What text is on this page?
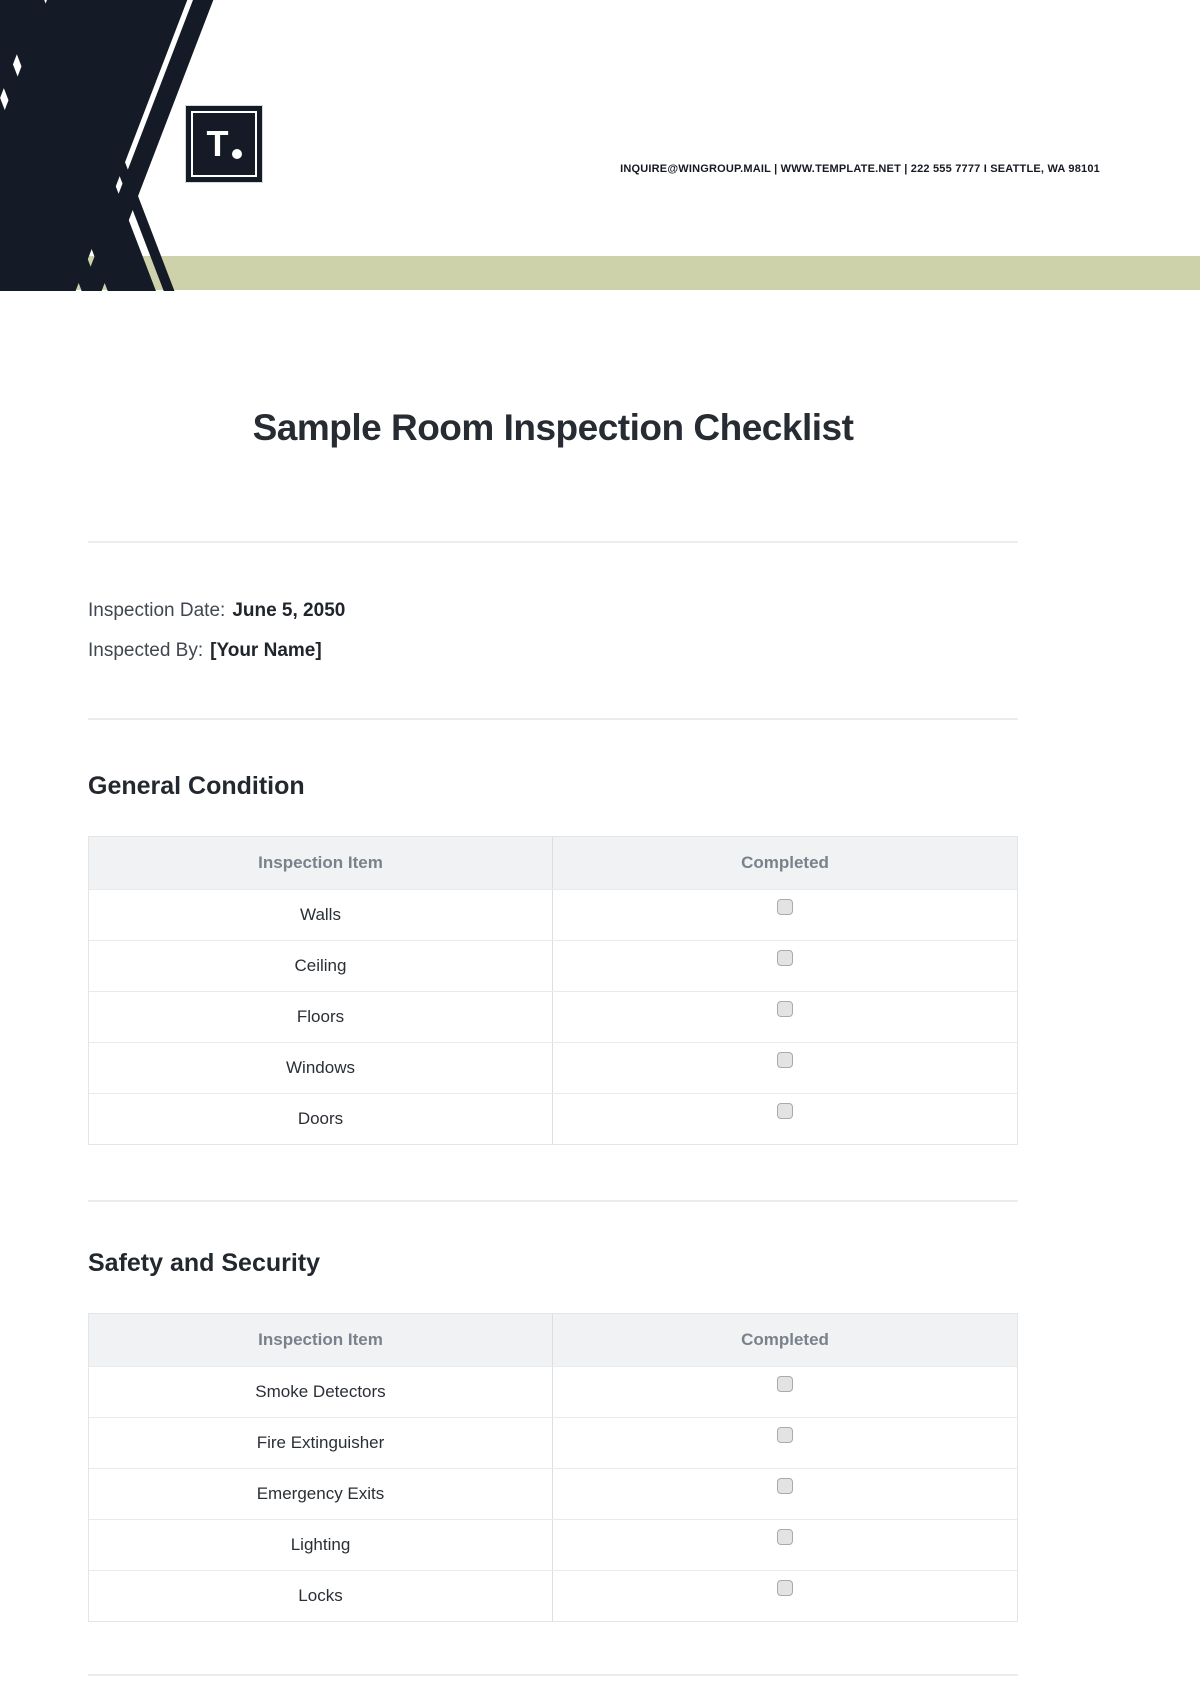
T
INQUIRE@WINGROUP.MAIL | WWW.TEMPLATE.NET | 222 555 7777 I SEATTLE, WA 98101
Sample Room Inspection Checklist
Inspection Date: June 5, 2050
Inspected By: [Your Name]
General Condition
Inspection Item	Completed
Walls
Ceiling
Floors
Windows
Doors
Safety and Security
Inspection Item	Completed
Smoke Detectors
Fire Extinguisher
Emergency Exits
Lighting
Locks
